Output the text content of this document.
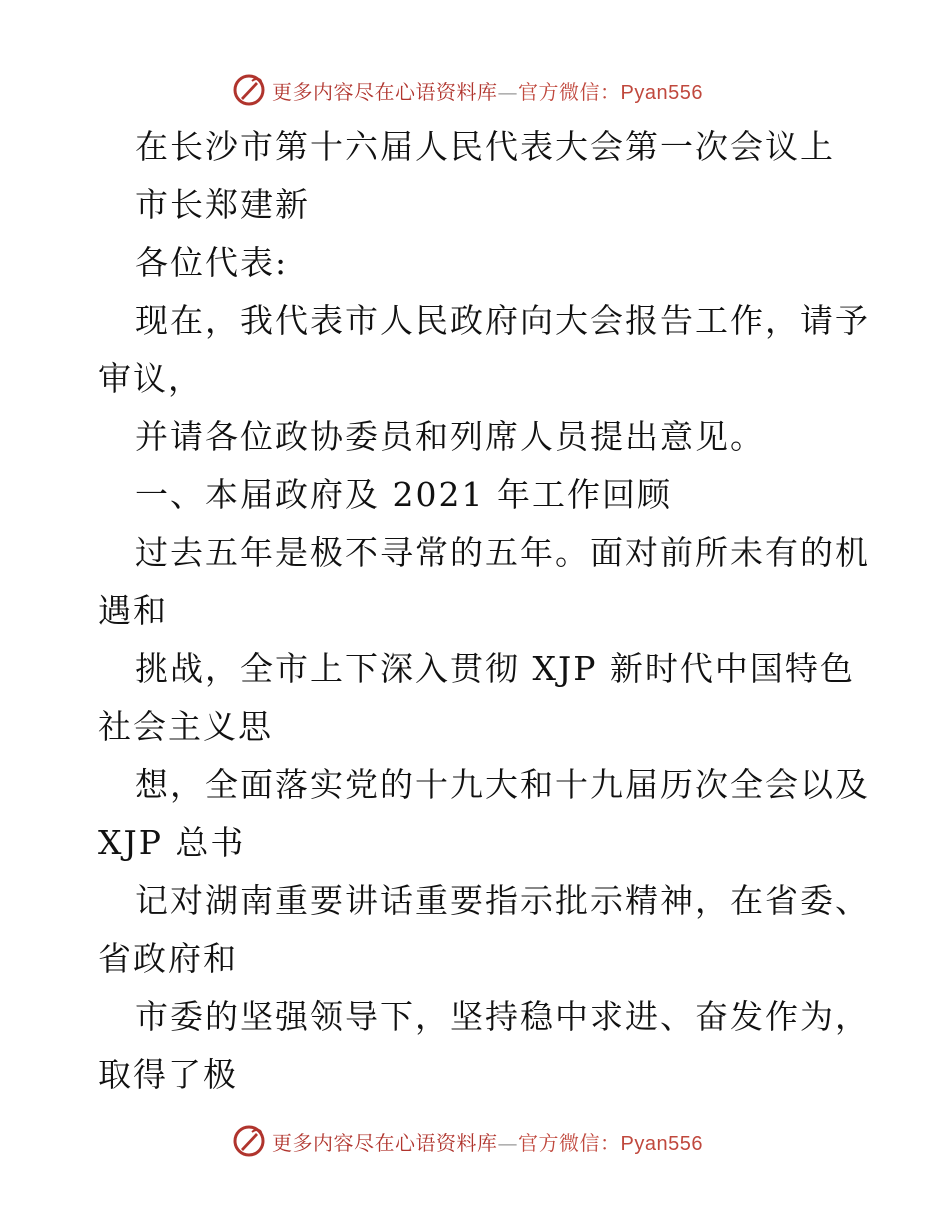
更多内容尽在心语资料库—官方微信：Pyan556
在长沙市第十六届人民代表大会第一次会议上
市长郑建新
各位代表:
现在，我代表市人民政府向大会报告工作，请予
审议，
并请各位政协委员和列席人员提出意见。
一、本届政府及 2021 年工作回顾
过去五年是极不寻常的五年。面对前所未有的机
遇和
挑战，全市上下深入贯彻 XJP 新时代中国特色
社会主义思
想，全面落实党的十九大和十九届历次全会以及
XJP 总书
记对湖南重要讲话重要指示批示精神，在省委、
省政府和
市委的坚强领导下，坚持稳中求进、奋发作为，
取得了极
更多内容尽在心语资料库—官方微信：Pyan556
